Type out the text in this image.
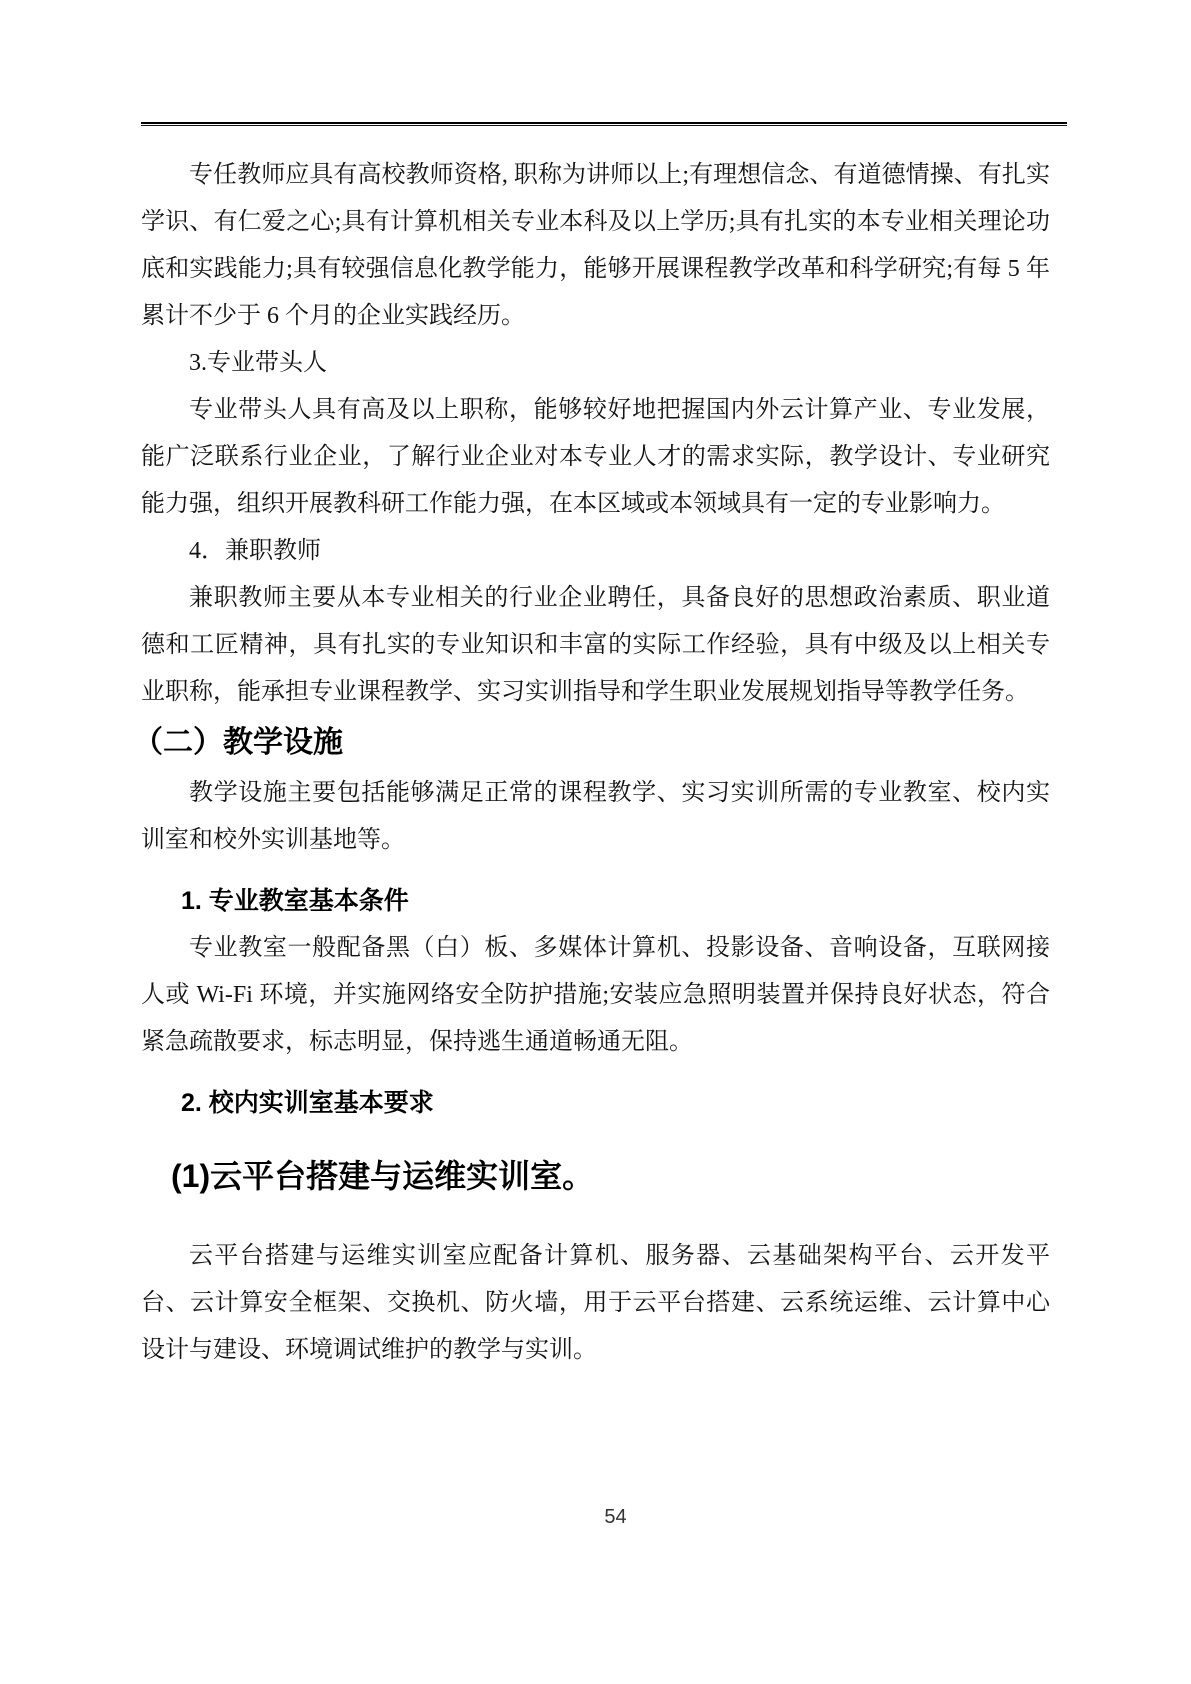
专任教师应具有高校教师资格, 职称为讲师以上;有理想信念、有道德情操、有扎实学识、有仁爱之心;具有计算机相关专业本科及以上学历;具有扎实的本专业相关理论功底和实践能力;具有较强信息化教学能力，能够开展课程教学改革和科学研究;有每 5 年累计不少于 6 个月的企业实践经历。

3.专业带头人

专业带头人具有高及以上职称，能够较好地把握国内外云计算产业、专业发展，能广泛联系行业企业，了解行业企业对本专业人才的需求实际，教学设计、专业研究能力强，组织开展教科研工作能力强，在本区域或本领域具有一定的专业影响力。

4．兼职教师

兼职教师主要从本专业相关的行业企业聘任，具备良好的思想政治素质、职业道德和工匠精神，具有扎实的专业知识和丰富的实际工作经验，具有中级及以上相关专业职称，能承担专业课程教学、实习实训指导和学生职业发展规划指导等教学任务。

（二）教学设施

教学设施主要包括能够满足正常的课程教学、实习实训所需的专业教室、校内实训室和校外实训基地等。

1. 专业教室基本条件

专业教室一般配备黑（白）板、多媒体计算机、投影设备、音响设备，互联网接人或 Wi-Fi 环境，并实施网络安全防护措施;安装应急照明装置并保持良好状态，符合紧急疏散要求，标志明显，保持逃生通道畅通无阻。

2. 校内实训室基本要求
(1)云平台搭建与运维实训室。

云平台搭建与运维实训室应配备计算机、服务器、云基础架构平台、云开发平台、云计算安全框架、交换机、防火墙，用于云平台搭建、云系统运维、云计算中心设计与建设、环境调试维护的教学与实训。

54
